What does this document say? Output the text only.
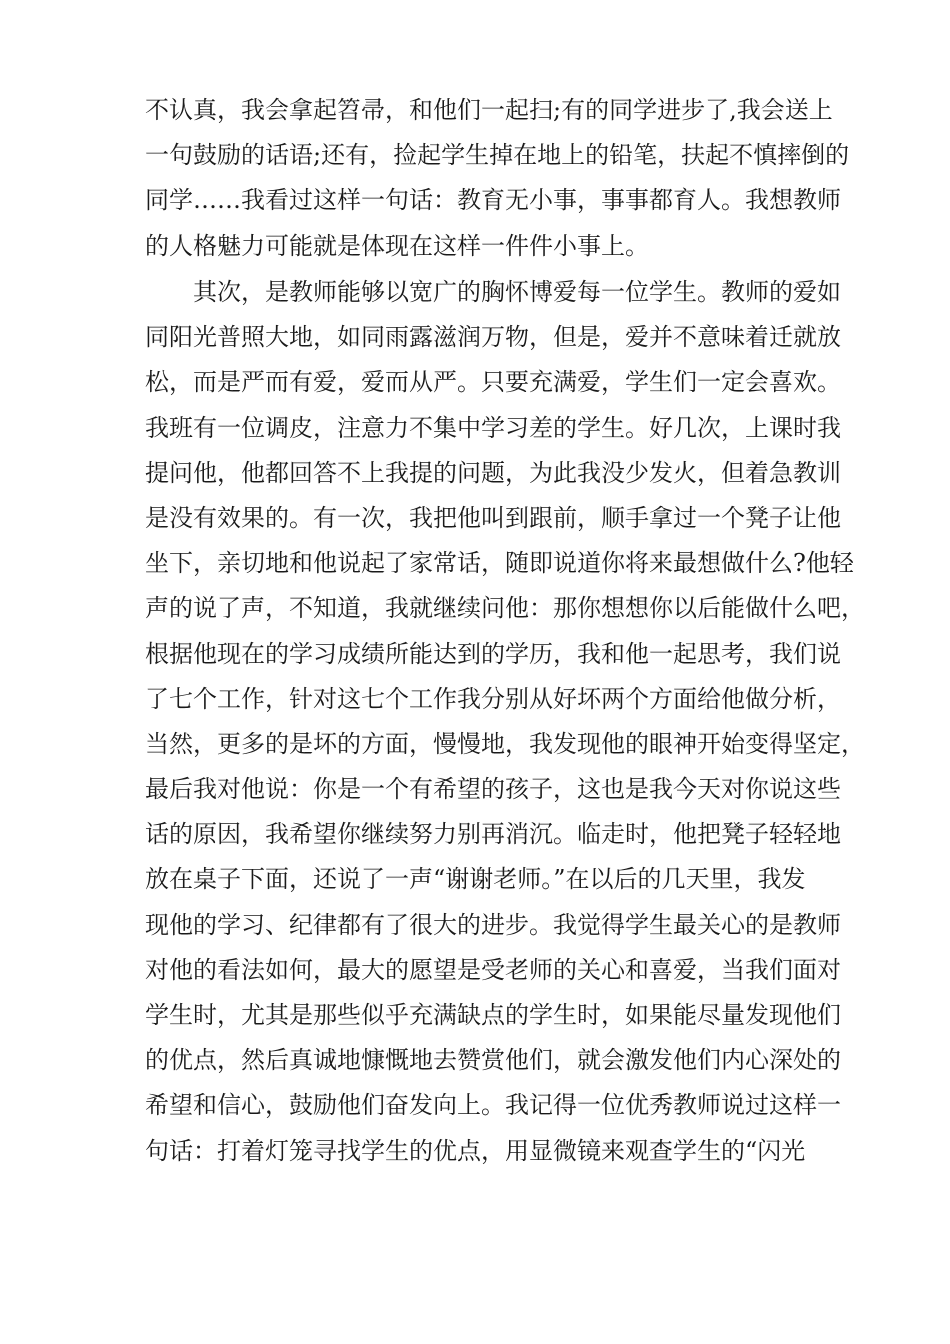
不认真，我会拿起笤帚，和他们一起扫;有的同学进步了,我会送上
一句鼓励的话语;还有，捡起学生掉在地上的铅笔，扶起不慎摔倒的
同学……我看过这样一句话：教育无小事，事事都育人。我想教师
的人格魅力可能就是体现在这样一件件小事上。
其次，是教师能够以宽广的胸怀博爱每一位学生。教师的爱如
同阳光普照大地，如同雨露滋润万物，但是，爱并不意味着迁就放
松，而是严而有爱，爱而从严。只要充满爱，学生们一定会喜欢。
我班有一位调皮，注意力不集中学习差的学生。好几次，上课时我
提问他，他都回答不上我提的问题，为此我没少发火，但着急教训
是没有效果的。有一次，我把他叫到跟前，顺手拿过一个凳子让他
坐下，亲切地和他说起了家常话，随即说道你将来最想做什么?他轻
声的说了声，不知道，我就继续问他：那你想想你以后能做什么吧，
根据他现在的学习成绩所能达到的学历，我和他一起思考，我们说
了七个工作，针对这七个工作我分别从好坏两个方面给他做分析，
当然，更多的是坏的方面，慢慢地，我发现他的眼神开始变得坚定，
最后我对他说：你是一个有希望的孩子，这也是我今天对你说这些
话的原因，我希望你继续努力别再消沉。临走时，他把凳子轻轻地
放在桌子下面，还说了一声“谢谢老师。”在以后的几天里，我发
现他的学习、纪律都有了很大的进步。我觉得学生最关心的是教师
对他的看法如何，最大的愿望是受老师的关心和喜爱，当我们面对
学生时，尤其是那些似乎充满缺点的学生时，如果能尽量发现他们
的优点，然后真诚地慷慨地去赞赏他们，就会激发他们内心深处的
希望和信心，鼓励他们奋发向上。我记得一位优秀教师说过这样一
句话：打着灯笼寻找学生的优点，用显微镜来观查学生的“闪光
